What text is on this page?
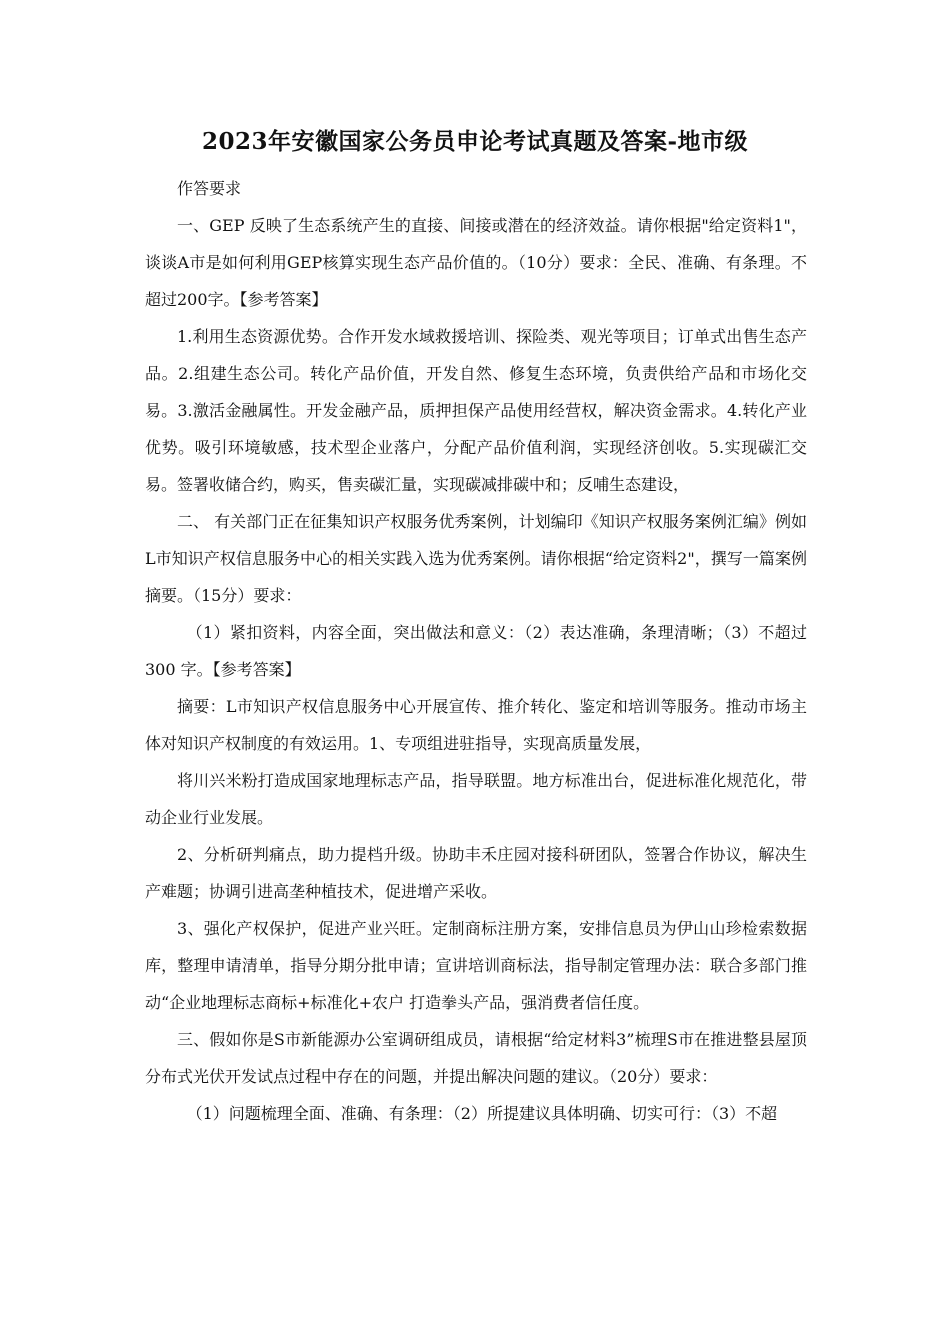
2023年安徽国家公务员申论考试真题及答案-地市级

作答要求

一、GEP 反映了生态系统产生的直接、间接或潜在的经济效益。请你根据"给定资料1"，谈谈A市是如何利用GEP核算实现生态产品价值的。（10分）要求：全民、准确、有条理。不超过200字。【参考答案】

1.利用生态资源优势。合作开发水域救援培训、探险类、观光等项目；订单式出售生态产品。2.组建生态公司。转化产品价值，开发自然、修复生态环境，负责供给产品和市场化交易。3.激活金融属性。开发金融产品，质押担保产品使用经营权，解决资金需求。4.转化产业优势。吸引环境敏感，技术型企业落户，分配产品价值利润，实现经济创收。5.实现碳汇交易。签署收储合约，购买，售卖碳汇量，实现碳减排碳中和；反哺生态建设，

二、 有关部门正在征集知识产权服务优秀案例，计划编印《知识产权服务案例汇编》例如L市知识产权信息服务中心的相关实践入选为优秀案例。请你根据“给定资料2"，撰写一篇案例摘要。（15分）要求：

（1）紧扣资料，内容全面，突出做法和意义：（2）表达准确，条理清晰；（3）不超过 300 字。【参考答案】

摘要：L市知识产权信息服务中心开展宣传、推介转化、鉴定和培训等服务。推动市场主体对知识产权制度的有效运用。1、专项组进驻指导，实现高质量发展，

将川兴米粉打造成国家地理标志产品，指导联盟。地方标准出台，促进标准化规范化，带动企业行业发展。

2、分析研判痛点，助力提档升级。协助丰禾庄园对接科研团队，签署合作协议，解决生产难题；协调引进高垄种植技术，促进增产采收。

3、强化产权保护，促进产业兴旺。定制商标注册方案，安排信息员为伊山山珍检索数据库，整理申请清单，指导分期分批申请；宣讲培训商标法，指导制定管理办法：联合多部门推动“企业地理标志商标+标准化+农户 打造拳头产品，强消费者信任度。

三、假如你是S市新能源办公室调研组成员，请根据“给定材料3”梳理S市在推进整县屋顶分布式光伏开发试点过程中存在的问题，并提出解决问题的建议。（20分）要求：

（1）问题梳理全面、准确、有条理：（2）所提建议具体明确、切实可行：（3）不超
